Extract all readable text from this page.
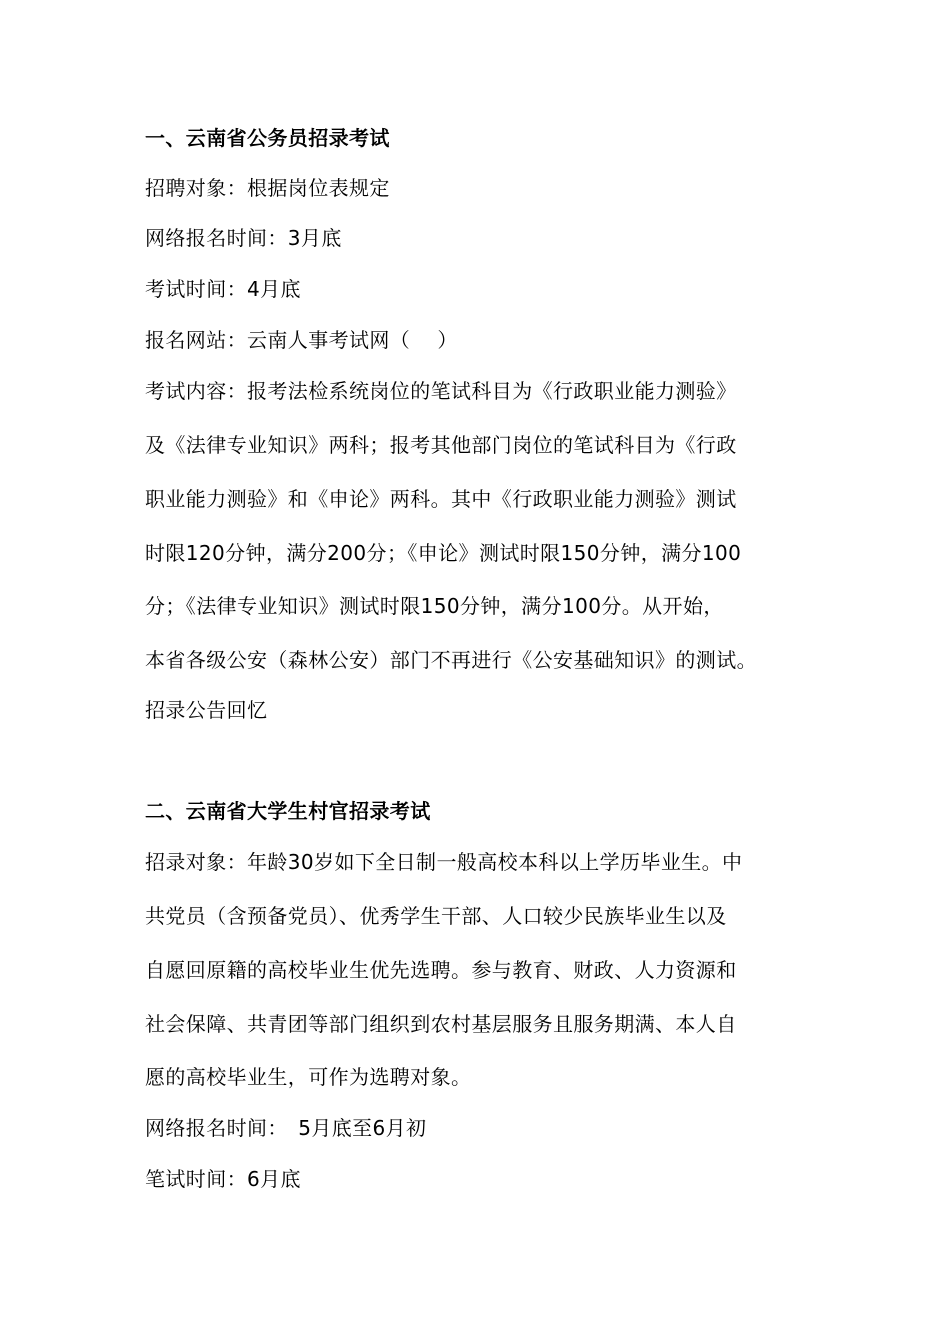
一、云南省公务员招录考试
招聘对象：根据岗位表规定
网络报名时间：3月底
考试时间：4月底
报名网站：云南人事考试网（　 ）
考试内容：报考法检系统岗位的笔试科目为《行政职业能力测验》
及《法律专业知识》两科；报考其他部门岗位的笔试科目为《行政
职业能力测验》和《申论》两科。其中《行政职业能力测验》测试
时限120分钟，满分200分；《申论》测试时限150分钟，满分100
分；《法律专业知识》测试时限150分钟，满分100分。从开始，
本省各级公安（森林公安）部门不再进行《公安基础知识》的测试。
招录公告回忆
二、云南省大学生村官招录考试
招录对象：年龄30岁如下全日制一般高校本科以上学历毕业生。中
共党员（含预备党员）、优秀学生干部、人口较少民族毕业生以及
自愿回原籍的高校毕业生优先选聘。参与教育、财政、人力资源和
社会保障、共青团等部门组织到农村基层服务且服务期满、本人自
愿的高校毕业生，可作为选聘对象。
网络报名时间：　5月底至6月初
笔试时间：6月底
